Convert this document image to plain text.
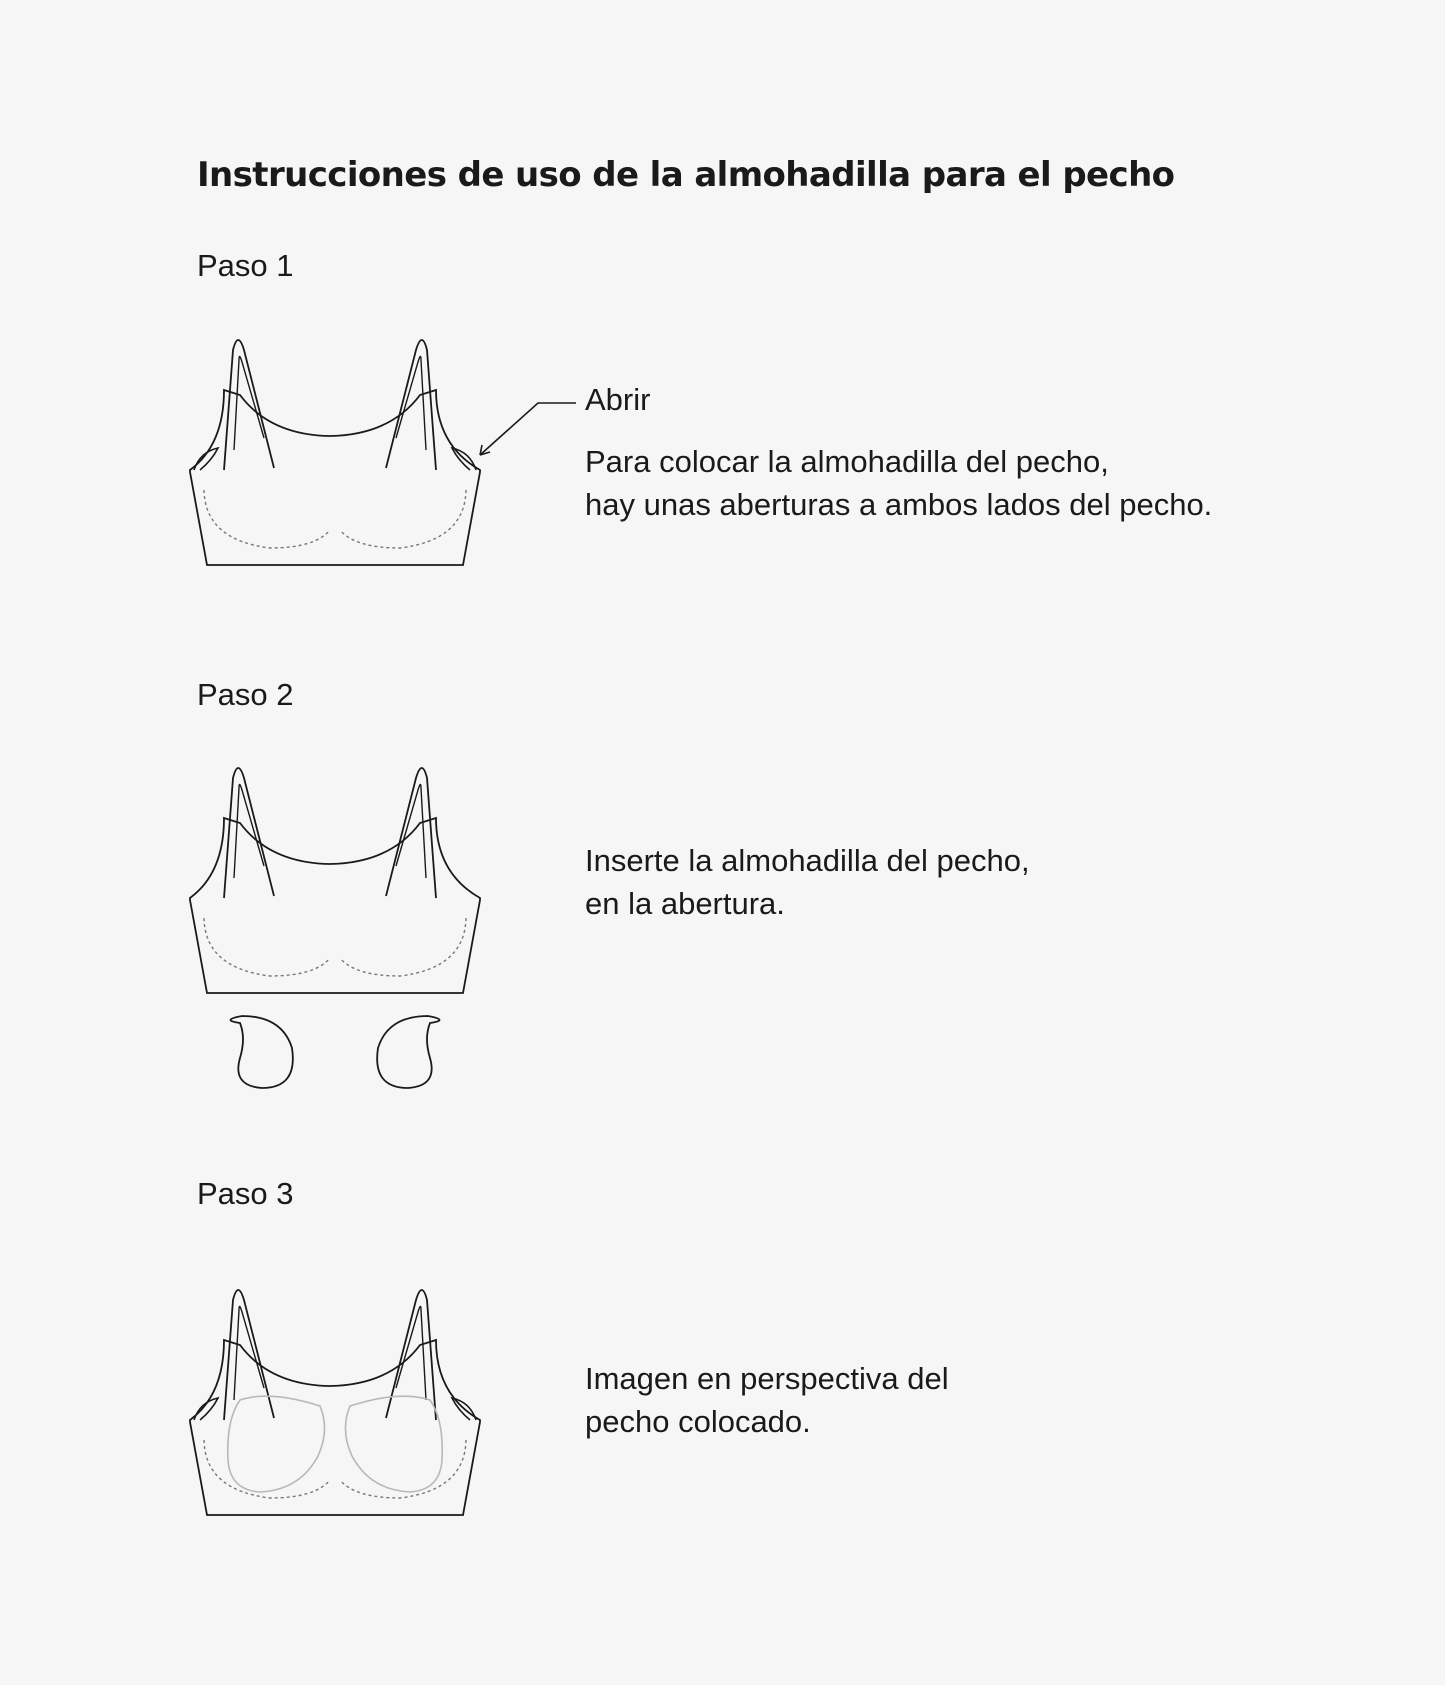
Instrucciones de uso de la almohadilla para el pecho
Paso 1
Abrir
Para colocar la almohadilla del pecho,
hay unas aberturas a ambos lados del pecho.
Paso 2
Inserte la almohadilla del pecho,
en la abertura.
Paso 3
Imagen en perspectiva del
pecho colocado.
